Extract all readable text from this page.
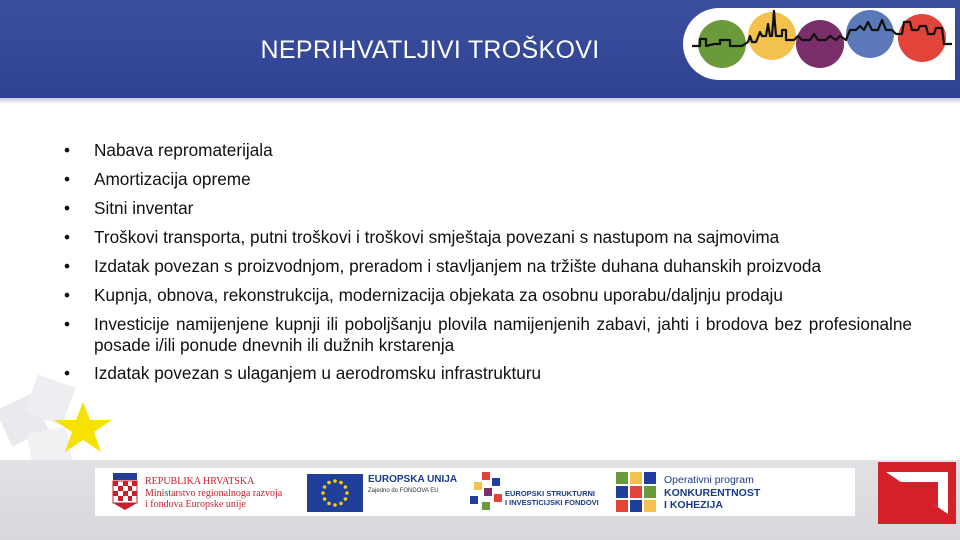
NEPRIHVATLJIVI TROŠKOVI
•	Nabava repromaterijala
•	Amortizacija opreme
•	Sitni inventar
•	Troškovi transporta, putni troškovi i troškovi smještaja povezani s nastupom na sajmovima
•	Izdatak povezan s proizvodnjom, preradom i stavljanjem na tržište duhana duhanskih proizvoda
•	Kupnja, obnova, rekonstrukcija, modernizacija objekata za osobnu uporabu/daljnju prodaju
•	Investicije namijenjene kupnji ili poboljšanju plovila namijenjenih zabavi, jahti i brodova bez profesionalne posade i/ili ponude dnevnih ili dužnih krstarenja
•	Izdatak povezan s ulaganjem u aerodromsku infrastrukturu
REPUBLIKA HRVATSKA
Ministarstvo regionalnoga razvoja
i fondova Europske unije
EUROPSKA UNIJA
Zajedno do FONDOVA EU	EUROPSKI STRUKTURNI
I INVESTICIJSKI FONDOVI
Operativni program
KONKURENTNOST
I KOHEZIJA
